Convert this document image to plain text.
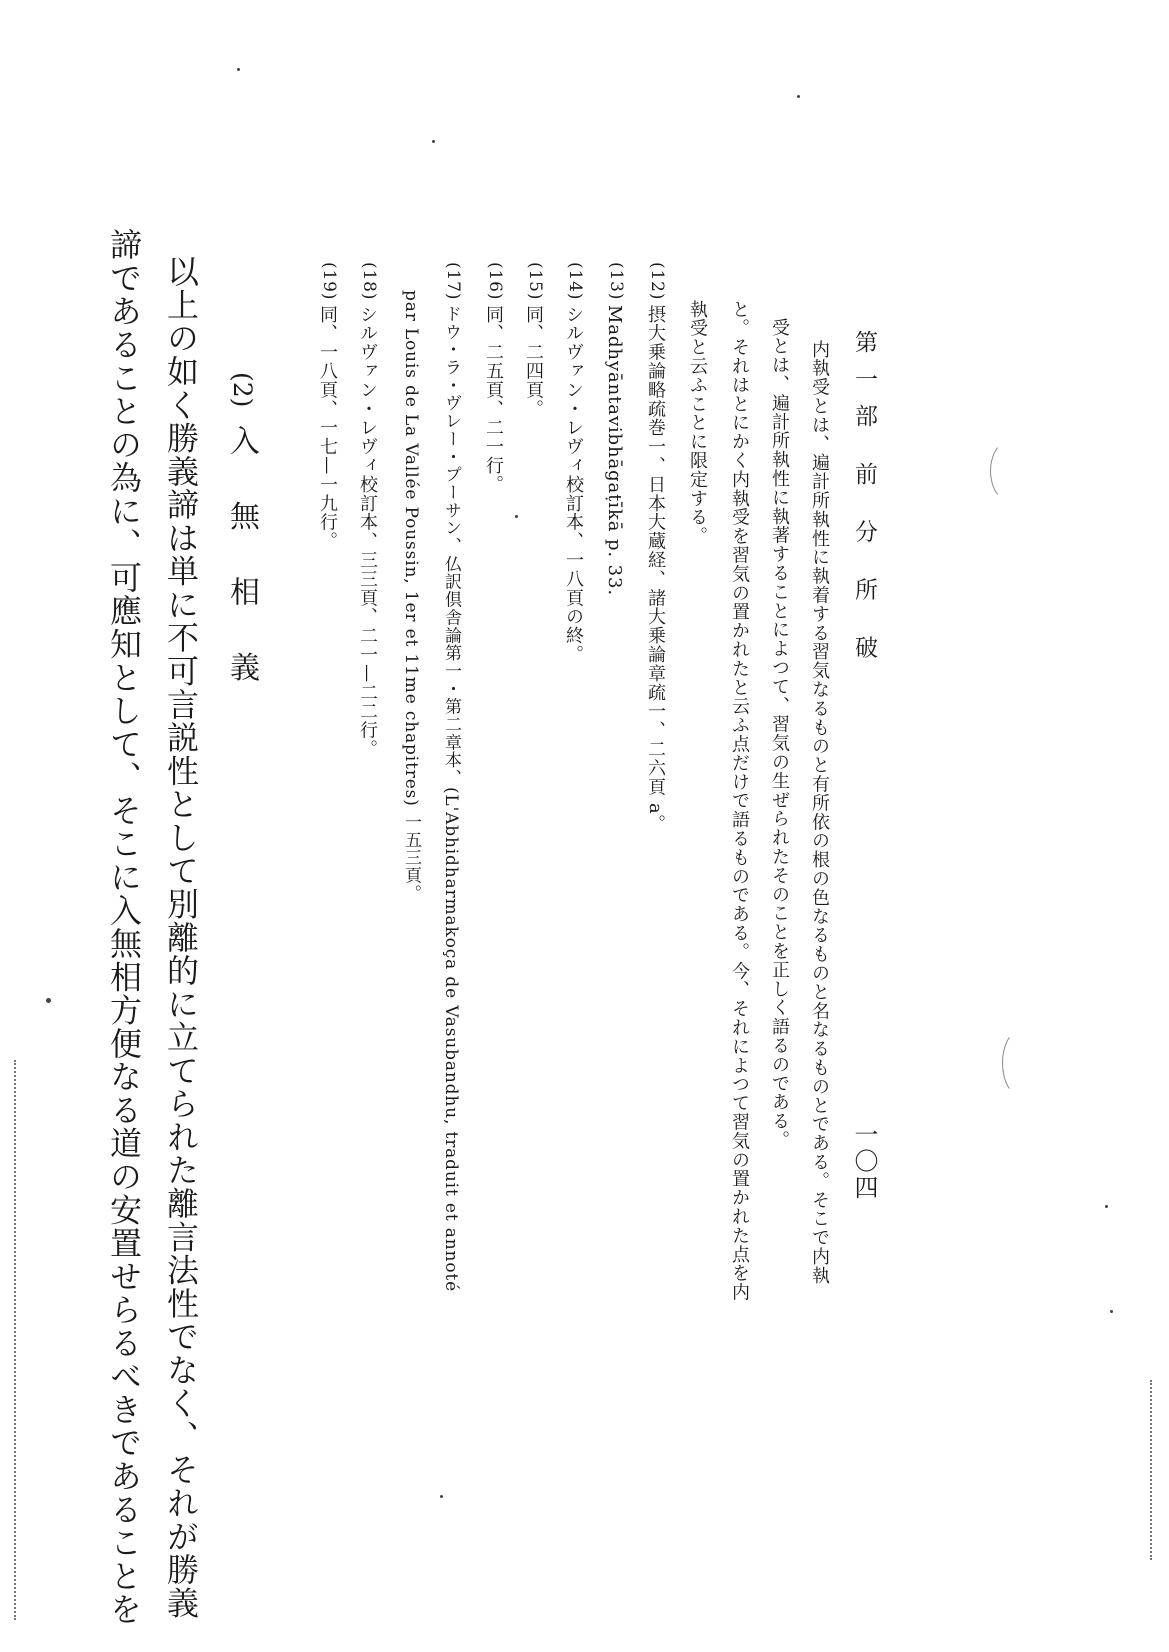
第一部 前 分 所 破
一〇四
内執受とは、遍計所執性に執着する習気なるものと有所依の根の色なるものと名なるものとである。そこで内執
受とは、遍計所執性に執著することによつて、習気の生ぜられたそのことを正しく語るのである。
と。それはとにかく内執受を習気の置かれたと云ふ点だけで語るものである。今、それによつて習気の置かれた点を内
執受と云ふことに限定する。
(12)
摂大乗論略疏巻一、日本大蔵経、諸大乗論章疏一、二六頁 a。
(13)
Madhyāntavibhāgaṭīkā p. 33.
(14)
シルヴァン・レヴィ校訂本、一八頁の終。
(15)
同、二四頁。
(16)
同、二五頁、二一行。
(17)
ドウ・ラ・ヴレー・プーサン、仏訳倶舎論第一・第二章本、(L'Abhidharmakoça de Vasubandhu, traduit et annoté
par Louis de La Vallée Poussin, 1er et 11me chapitres) 一五三頁。
(18)
シルヴァン・レヴィ校訂本、三三頁、二一—二二行。
(19)
同、一八頁、一七—一九行。
(2)
入 無 相 義
以上の如く勝義諦は単に不可言説性として別離的に立てられた離言法性でなく、それが勝義
諦であることの為に、可應知として、そこに入無相方便なる道の安置せらるべきであることを
